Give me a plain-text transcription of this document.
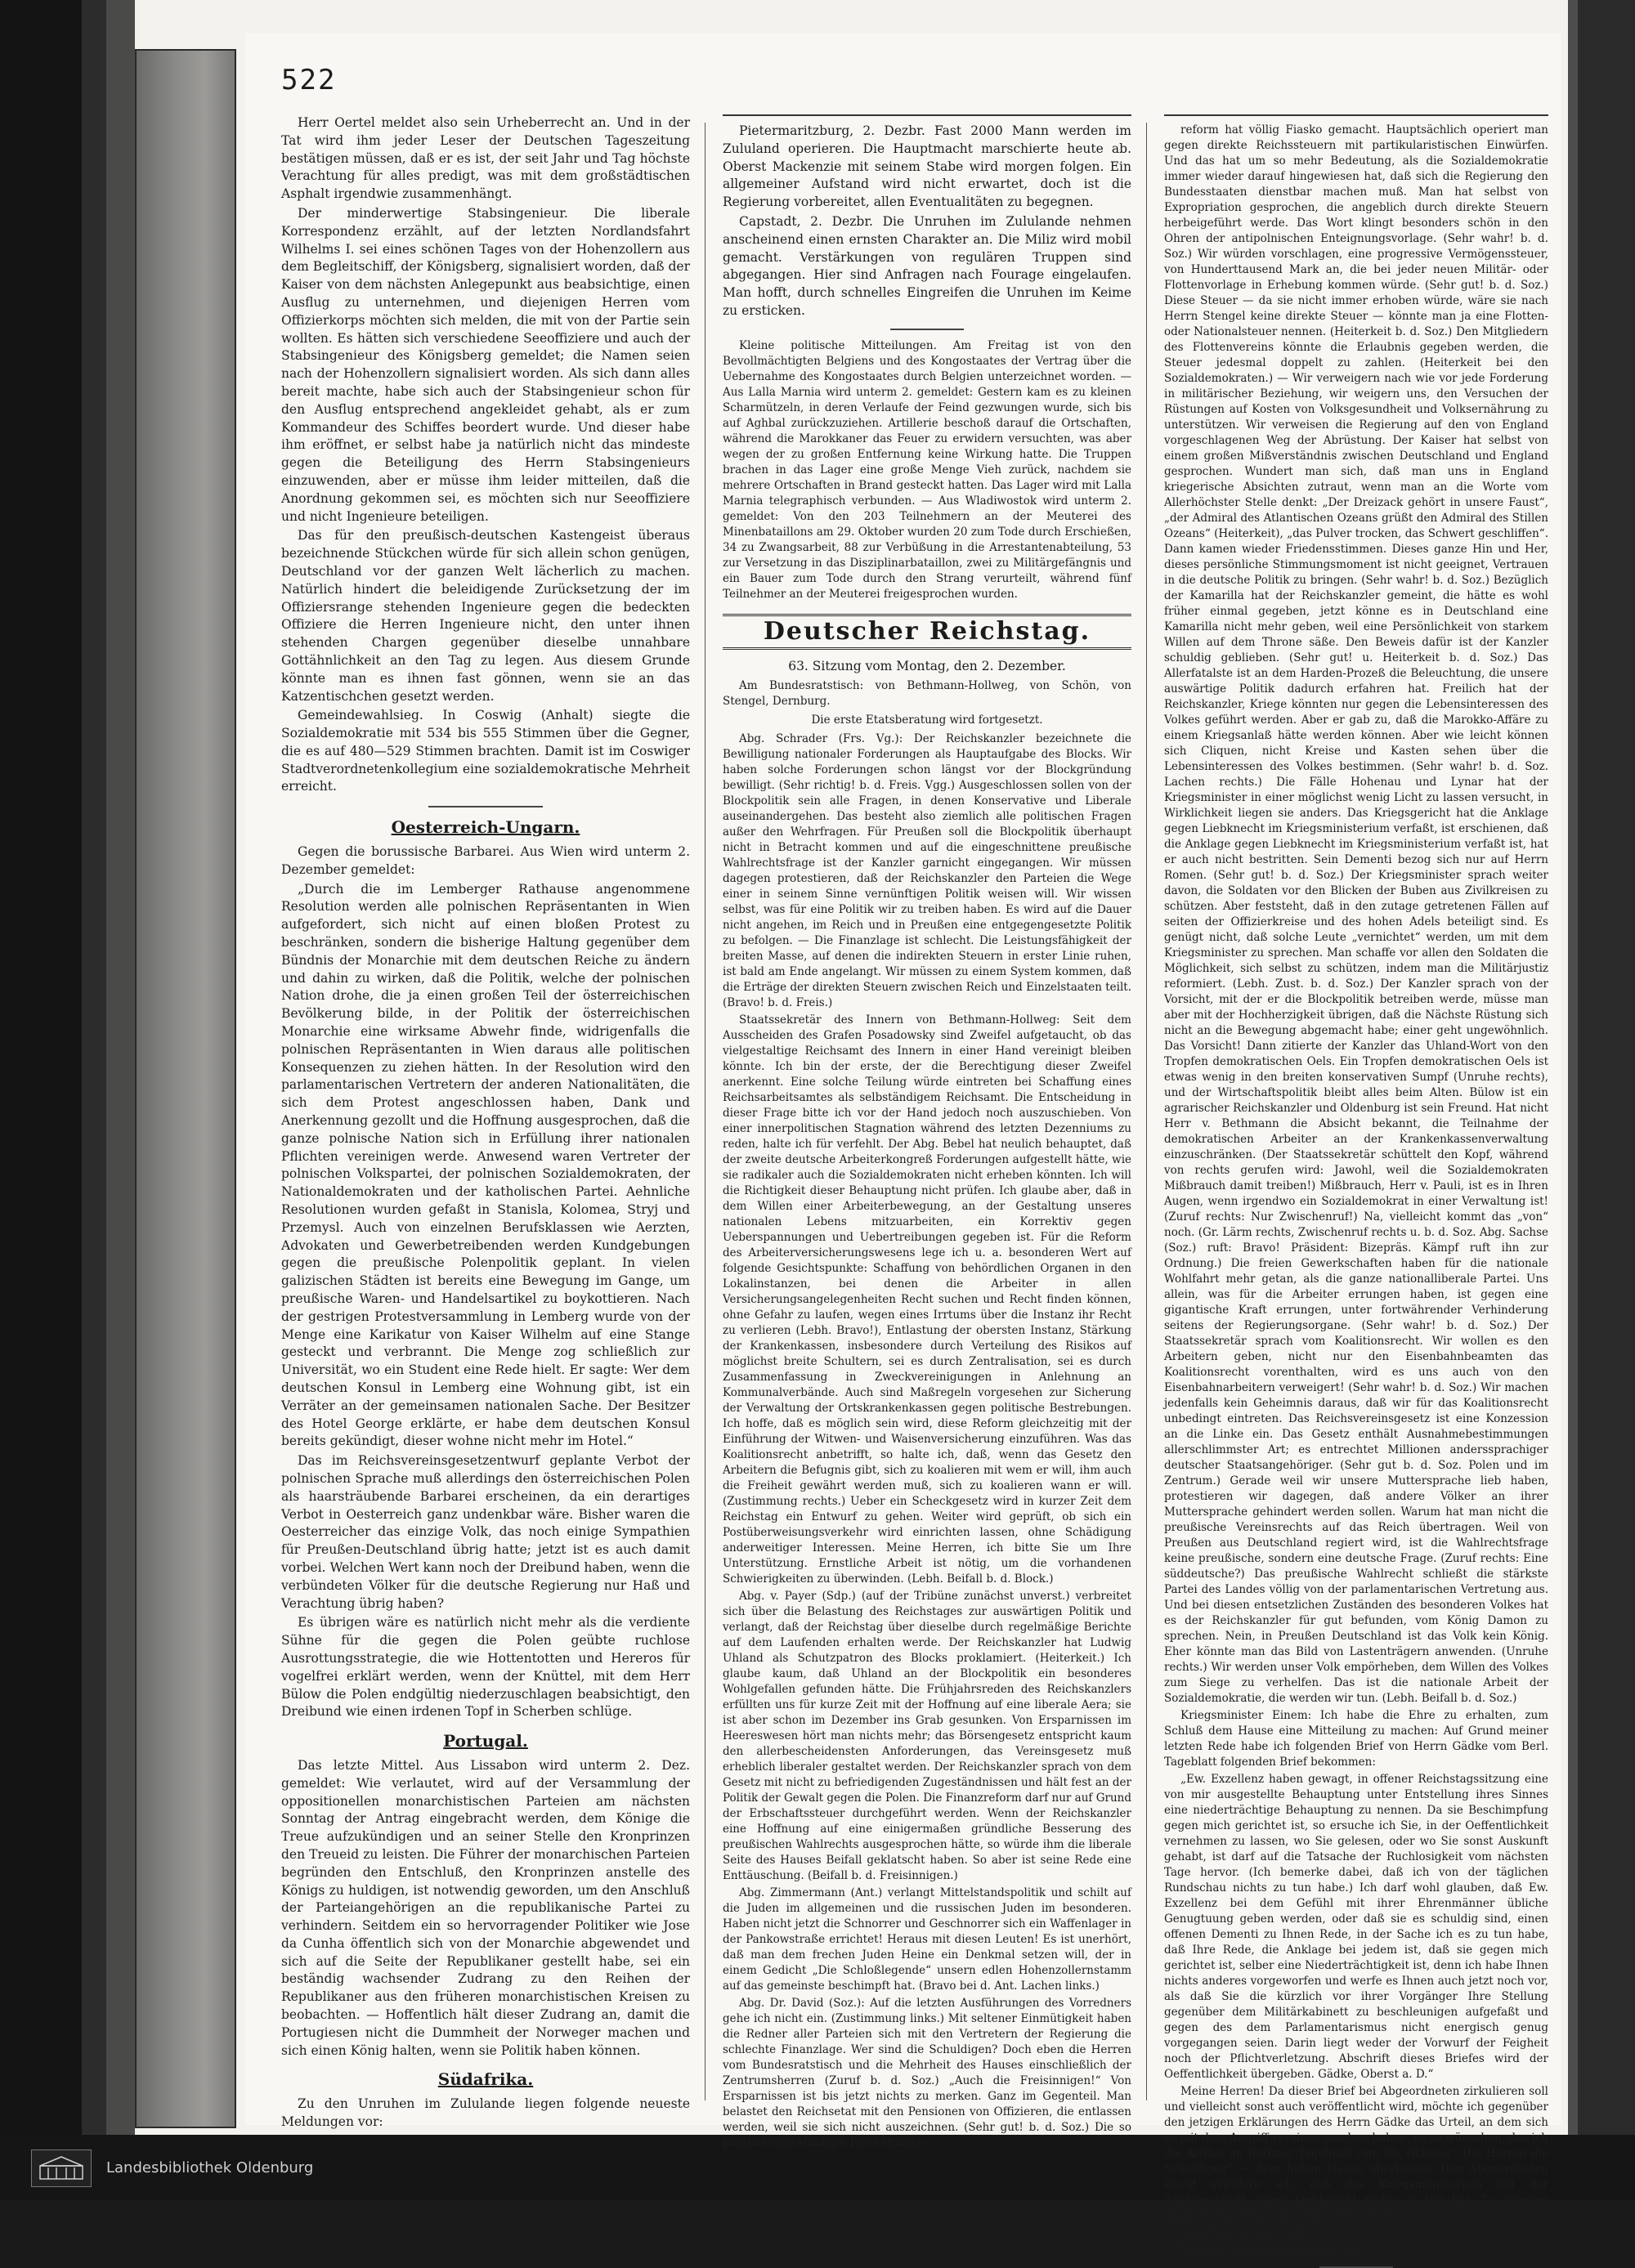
522

Herr Oertel meldet also sein Urheberrecht an. Und in der Tat wird ihm jeder Leser der Deutschen Tageszeitung bestätigen müssen, daß er es ist, der seit Jahr und Tag höchste Verachtung für alles predigt, was mit dem großstädtischen Asphalt irgendwie zusammenhängt.

Der minderwertige Stabsingenieur. Die liberale Korrespondenz erzählt, auf der letzten Nordlandsfahrt Wilhelms I. sei eines schönen Tages von der Hohenzollern aus dem Begleitschiff, der Königsberg, signalisiert worden, daß der Kaiser von dem nächsten Anlegepunkt aus beabsichtige, einen Ausflug zu unternehmen, und diejenigen Herren vom Offizierkorps möchten sich melden, die mit von der Partie sein wollten. Es hätten sich verschiedene Seeoffiziere und auch der Stabsingenieur des Königsberg gemeldet; die Namen seien nach der Hohenzollern signalisiert worden. Als sich dann alles bereit machte, habe sich auch der Stabsingenieur schon für den Ausflug entsprechend angekleidet gehabt, als er zum Kommandeur des Schiffes beordert wurde. Und dieser habe ihm eröffnet, er selbst habe ja natürlich nicht das mindeste gegen die Beteiligung des Herrn Stabsingenieurs einzuwenden, aber er müsse ihm leider mitteilen, daß die Anordnung gekommen sei, es möchten sich nur Seeoffiziere und nicht Ingenieure beteiligen.

Das für den preußisch-deutschen Kastengeist überaus bezeichnende Stückchen würde für sich allein schon genügen, Deutschland vor der ganzen Welt lächerlich zu machen. Natürlich hindert die beleidigende Zurücksetzung der im Offiziersrange stehenden Ingenieure gegen die bedeckten Offiziere die Herren Ingenieure nicht, den unter ihnen stehenden Chargen gegenüber dieselbe unnahbare Gottähnlichkeit an den Tag zu legen. Aus diesem Grunde könnte man es ihnen fast gönnen, wenn sie an das Katzentischchen gesetzt werden.

Gemeindewahlsieg. In Coswig (Anhalt) siegte die Sozialdemokratie mit 534 bis 555 Stimmen über die Gegner, die es auf 480—529 Stimmen brachten. Damit ist im Coswiger Stadtverordnetenkollegium eine sozialdemokratische Mehrheit erreicht.

Oesterreich-Ungarn.

Gegen die borussische Barbarei. Aus Wien wird unterm 2. Dezember gemeldet:

„Durch die im Lemberger Rathause angenommene Resolution werden alle polnischen Repräsentanten in Wien aufgefordert, sich nicht auf einen bloßen Protest zu beschränken, sondern die bisherige Haltung gegenüber dem Bündnis der Monarchie mit dem deutschen Reiche zu ändern und dahin zu wirken, daß die Politik, welche der polnischen Nation drohe, die ja einen großen Teil der österreichischen Bevölkerung bilde, in der Politik der österreichischen Monarchie eine wirksame Abwehr finde, widrigenfalls die polnischen Repräsentanten in Wien daraus alle politischen Konsequenzen zu ziehen hätten. In der Resolution wird den parlamentarischen Vertretern der anderen Nationalitäten, die sich dem Protest angeschlossen haben, Dank und Anerkennung gezollt und die Hoffnung ausgesprochen, daß die ganze polnische Nation sich in Erfüllung ihrer nationalen Pflichten vereinigen werde. Anwesend waren Vertreter der polnischen Volkspartei, der polnischen Sozialdemokraten, der Nationaldemokraten und der katholischen Partei. Aehnliche Resolutionen wurden gefaßt in Stanisla, Kolomea, Stryj und Przemysl. Auch von einzelnen Berufsklassen wie Aerzten, Advokaten und Gewerbetreibenden werden Kundgebungen gegen die preußische Polenpolitik geplant. In vielen galizischen Städten ist bereits eine Bewegung im Gange, um preußische Waren- und Handelsartikel zu boykottieren. Nach der gestrigen Protestversammlung in Lemberg wurde von der Menge eine Karikatur von Kaiser Wilhelm auf eine Stange gesteckt und verbrannt. Die Menge zog schließlich zur Universität, wo ein Student eine Rede hielt. Er sagte: Wer dem deutschen Konsul in Lemberg eine Wohnung gibt, ist ein Verräter an der gemeinsamen nationalen Sache. Der Besitzer des Hotel George erklärte, er habe dem deutschen Konsul bereits gekündigt, dieser wohne nicht mehr im Hotel.“

Das im Reichsvereinsgesetzentwurf geplante Verbot der polnischen Sprache muß allerdings den österreichischen Polen als haarsträubende Barbarei erscheinen, da ein derartiges Verbot in Oesterreich ganz undenkbar wäre. Bisher waren die Oesterreicher das einzige Volk, das noch einige Sympathien für Preußen-Deutschland übrig hatte; jetzt ist es auch damit vorbei. Welchen Wert kann noch der Dreibund haben, wenn die verbündeten Völker für die deutsche Regierung nur Haß und Verachtung übrig haben?

Es übrigen wäre es natürlich nicht mehr als die verdiente Sühne für die gegen die Polen geübte ruchlose Ausrottungsstrategie, die wie Hottentotten und Hereros für vogelfrei erklärt werden, wenn der Knüttel, mit dem Herr Bülow die Polen endgültig niederzuschlagen beabsichtigt, den Dreibund wie einen irdenen Topf in Scherben schlüge.

Portugal.

Das letzte Mittel. Aus Lissabon wird unterm 2. Dez. gemeldet: Wie verlautet, wird auf der Versammlung der oppositionellen monarchistischen Parteien am nächsten Sonntag der Antrag eingebracht werden, dem Könige die Treue aufzukündigen und an seiner Stelle den Kronprinzen den Treueid zu leisten. Die Führer der monarchischen Parteien begründen den Entschluß, den Kronprinzen anstelle des Königs zu huldigen, ist notwendig geworden, um den Anschluß der Parteiangehörigen an die republikanische Partei zu verhindern. Seitdem ein so hervorragender Politiker wie Jose da Cunha öffentlich sich von der Monarchie abgewendet und sich auf die Seite der Republikaner gestellt habe, sei ein beständig wachsender Zudrang zu den Reihen der Republikaner aus den früheren monarchistischen Kreisen zu beobachten. — Hoffentlich hält dieser Zudrang an, damit die Portugiesen nicht die Dummheit der Norweger machen und sich einen König halten, wenn sie Politik haben können.

Südafrika.

Zu den Unruhen im Zululande liegen folgende neueste Meldungen vor:

Pietermaritzburg, 2. Dezbr. Fast 2000 Mann werden im Zululand operieren. Die Hauptmacht marschierte heute ab. Oberst Mackenzie mit seinem Stabe wird morgen folgen. Ein allgemeiner Aufstand wird nicht erwartet, doch ist die Regierung vorbereitet, allen Eventualitäten zu begegnen.

Capstadt, 2. Dezbr. Die Unruhen im Zululande nehmen anscheinend einen ernsten Charakter an. Die Miliz wird mobil gemacht. Verstärkungen von regulären Truppen sind abgegangen. Hier sind Anfragen nach Fourage eingelaufen. Man hofft, durch schnelles Eingreifen die Unruhen im Keime zu ersticken.

Kleine politische Mitteilungen. Am Freitag ist von den Bevollmächtigten Belgiens und des Kongostaates der Vertrag über die Uebernahme des Kongostaates durch Belgien unterzeichnet worden. — Aus Lalla Marnia wird unterm 2. gemeldet: Gestern kam es zu kleinen Scharmützeln, in deren Verlaufe der Feind gezwungen wurde, sich bis auf Aghbal zurückzuziehen. Artillerie beschoß darauf die Ortschaften, während die Marokkaner das Feuer zu erwidern versuchten, was aber wegen der zu großen Entfernung keine Wirkung hatte. Die Truppen brachen in das Lager eine große Menge Vieh zurück, nachdem sie mehrere Ortschaften in Brand gesteckt hatten. Das Lager wird mit Lalla Marnia telegraphisch verbunden. — Aus Wladiwostok wird unterm 2. gemeldet: Von den 203 Teilnehmern an der Meuterei des Minenbataillons am 29. Oktober wurden 20 zum Tode durch Erschießen, 34 zu Zwangsarbeit, 88 zur Verbüßung in die Arrestantenabteilung, 53 zur Versetzung in das Disziplinarbataillon, zwei zu Militärgefängnis und ein Bauer zum Tode durch den Strang verurteilt, während fünf Teilnehmer an der Meuterei freigesprochen wurden.

Deutscher Reichstag.

63. Sitzung vom Montag, den 2. Dezember.

Am Bundesratstisch: von Bethmann-Hollweg, von Schön, von Stengel, Dernburg.

Die erste Etatsberatung wird fortgesetzt.

Abg. Schrader (Frs. Vg.): Der Reichskanzler bezeichnete die Bewilligung nationaler Forderungen als Hauptaufgabe des Blocks. Wir haben solche Forderungen schon längst vor der Blockgründung bewilligt. (Sehr richtig! b. d. Freis. Vgg.) Ausgeschlossen sollen von der Blockpolitik sein alle Fragen, in denen Konservative und Liberale auseinandergehen. Das besteht also ziemlich alle politischen Fragen außer den Wehrfragen. Für Preußen soll die Blockpolitik überhaupt nicht in Betracht kommen und auf die eingeschnittene preußische Wahlrechtsfrage ist der Kanzler garnicht eingegangen. Wir müssen dagegen protestieren, daß der Reichskanzler den Parteien die Wege einer in seinem Sinne vernünftigen Politik weisen will. Wir wissen selbst, was für eine Politik wir zu treiben haben. Es wird auf die Dauer nicht angehen, im Reich und in Preußen eine entgegengesetzte Politik zu befolgen. — Die Finanzlage ist schlecht. Die Leistungsfähigkeit der breiten Masse, auf denen die indirekten Steuern in erster Linie ruhen, ist bald am Ende angelangt. Wir müssen zu einem System kommen, daß die Erträge der direkten Steuern zwischen Reich und Einzelstaaten teilt. (Bravo! b. d. Freis.)

Staatssekretär des Innern von Bethmann-Hollweg: Seit dem Ausscheiden des Grafen Posadowsky sind Zweifel aufgetaucht, ob das vielgestaltige Reichsamt des Innern in einer Hand vereinigt bleiben könnte. Ich bin der erste, der die Berechtigung dieser Zweifel anerkennt. Eine solche Teilung würde eintreten bei Schaffung eines Reichsarbeitsamtes als selbständigem Reichsamt. Die Entscheidung in dieser Frage bitte ich vor der Hand jedoch noch auszuschieben. Von einer innerpolitischen Stagnation während des letzten Dezenniums zu reden, halte ich für verfehlt. Der Abg. Bebel hat neulich behauptet, daß der zweite deutsche Arbeiterkongreß Forderungen aufgestellt hätte, wie sie radikaler auch die Sozialdemokraten nicht erheben könnten. Ich will die Richtigkeit dieser Behauptung nicht prüfen. Ich glaube aber, daß in dem Willen einer Arbeiterbewegung, an der Gestaltung unseres nationalen Lebens mitzuarbeiten, ein Korrektiv gegen Ueberspannungen und Uebertreibungen gegeben ist. Für die Reform des Arbeiterversicherungswesens lege ich u. a. besonderen Wert auf folgende Gesichtspunkte: Schaffung von behördlichen Organen in den Lokalinstanzen, bei denen die Arbeiter in allen Versicherungsangelegenheiten Recht suchen und Recht finden können, ohne Gefahr zu laufen, wegen eines Irrtums über die Instanz ihr Recht zu verlieren (Lebh. Bravo!), Entlastung der obersten Instanz, Stärkung der Krankenkassen, insbesondere durch Verteilung des Risikos auf möglichst breite Schultern, sei es durch Zentralisation, sei es durch Zusammenfassung in Zweckvereinigungen in Anlehnung an Kommunalverbände. Auch sind Maßregeln vorgesehen zur Sicherung der Verwaltung der Ortskrankenkassen gegen politische Bestrebungen. Ich hoffe, daß es möglich sein wird, diese Reform gleichzeitig mit der Einführung der Witwen- und Waisenversicherung einzuführen. Was das Koalitionsrecht anbetrifft, so halte ich, daß, wenn das Gesetz den Arbeitern die Befugnis gibt, sich zu koalieren mit wem er will, ihm auch die Freiheit gewährt werden muß, sich zu koalieren wann er will. (Zustimmung rechts.) Ueber ein Scheckgesetz wird in kurzer Zeit dem Reichstag ein Entwurf zu gehen. Weiter wird geprüft, ob sich ein Postüberweisungsverkehr wird einrichten lassen, ohne Schädigung anderweitiger Interessen. Meine Herren, ich bitte Sie um Ihre Unterstützung. Ernstliche Arbeit ist nötig, um die vorhandenen Schwierigkeiten zu überwinden. (Lebh. Beifall b. d. Block.)

Abg. v. Payer (Sdp.) (auf der Tribüne zunächst unverst.) verbreitet sich über die Belastung des Reichstages zur auswärtigen Politik und verlangt, daß der Reichstag über dieselbe durch regelmäßige Berichte auf dem Laufenden erhalten werde. Der Reichskanzler hat Ludwig Uhland als Schutzpatron des Blocks proklamiert. (Heiterkeit.) Ich glaube kaum, daß Uhland an der Blockpolitik ein besonderes Wohlgefallen gefunden hätte. Die Frühjahrsreden des Reichskanzlers erfüllten uns für kurze Zeit mit der Hoffnung auf eine liberale Aera; sie ist aber schon im Dezember ins Grab gesunken. Von Ersparnissen im Heereswesen hört man nichts mehr; das Börsengesetz entspricht kaum den allerbescheidensten Anforderungen, das Vereinsgesetz muß erheblich liberaler gestaltet werden. Der Reichskanzler sprach von dem Gesetz mit nicht zu befriedigenden Zugeständnissen und hält fest an der Politik der Gewalt gegen die Polen. Die Finanzreform darf nur auf Grund der Erbschaftssteuer durchgeführt werden. Wenn der Reichskanzler eine Hoffnung auf eine einigermaßen gründliche Besserung des preußischen Wahlrechts ausgesprochen hätte, so würde ihm die liberale Seite des Hauses Beifall geklatscht haben. So aber ist seine Rede eine Enttäuschung. (Beifall b. d. Freisinnigen.)

Abg. Zimmermann (Ant.) verlangt Mittelstandspolitik und schilt auf die Juden im allgemeinen und die russischen Juden im besonderen. Haben nicht jetzt die Schnorrer und Geschnorrer sich ein Waffenlager in der Pankowstraße errichtet! Heraus mit diesen Leuten! Es ist unerhört, daß man dem frechen Juden Heine ein Denkmal setzen will, der in einem Gedicht „Die Schloßlegende“ unsern edlen Hohenzollernstamm auf das gemeinste beschimpft hat. (Bravo bei d. Ant. Lachen links.)

Abg. Dr. David (Soz.): Auf die letzten Ausführungen des Vorredners gehe ich nicht ein. (Zustimmung links.) Mit seltener Einmütigkeit haben die Redner aller Parteien sich mit den Vertretern der Regierung die schlechte Finanzlage. Wer sind die Schuldigen? Doch eben die Herren vom Bundesratstisch und die Mehrheit des Hauses einschließlich der Zentrumsherren (Zuruf b. d. Soz.) „Auch die Freisinnigen!“ Von Ersparnissen ist bis jetzt nichts zu merken. Ganz im Gegenteil. Man belastet den Reichsetat mit den Pensionen von Offizieren, die entlassen werden, weil sie sich nicht auszeichnen. (Sehr gut! b. d. Soz.) Die so pompös angekündigte Reichsfinanz-

reform hat völlig Fiasko gemacht. Hauptsächlich operiert man gegen direkte Reichssteuern mit partikularistischen Einwürfen. Und das hat um so mehr Bedeutung, als die Sozialdemokratie immer wieder darauf hingewiesen hat, daß sich die Regierung den Bundesstaaten dienstbar machen muß. Man hat selbst von Expropriation gesprochen, die angeblich durch direkte Steuern herbeigeführt werde. Das Wort klingt besonders schön in den Ohren der antipolnischen Enteignungsvorlage. (Sehr wahr! b. d. Soz.) Wir würden vorschlagen, eine progressive Vermögenssteuer, von Hunderttausend Mark an, die bei jeder neuen Militär- oder Flottenvorlage in Erhebung kommen würde. (Sehr gut! b. d. Soz.) Diese Steuer — da sie nicht immer erhoben würde, wäre sie nach Herrn Stengel keine direkte Steuer — könnte man ja eine Flotten- oder Nationalsteuer nennen. (Heiterkeit b. d. Soz.) Den Mitgliedern des Flottenvereins könnte die Erlaubnis gegeben werden, die Steuer jedesmal doppelt zu zahlen. (Heiterkeit bei den Sozialdemokraten.) — Wir verweigern nach wie vor jede Forderung in militärischer Beziehung, wir weigern uns, den Versuchen der Rüstungen auf Kosten von Volksgesundheit und Volksernährung zu unterstützen. Wir verweisen die Regierung auf den von England vorgeschlagenen Weg der Abrüstung. Der Kaiser hat selbst von einem großen Mißverständnis zwischen Deutschland und England gesprochen. Wundert man sich, daß man uns in England kriegerische Absichten zutraut, wenn man an die Worte vom Allerhöchster Stelle denkt: „Der Dreizack gehört in unsere Faust“, „der Admiral des Atlantischen Ozeans grüßt den Admiral des Stillen Ozeans“ (Heiterkeit), „das Pulver trocken, das Schwert geschliffen“. Dann kamen wieder Friedensstimmen. Dieses ganze Hin und Her, dieses persönliche Stimmungsmoment ist nicht geeignet, Vertrauen in die deutsche Politik zu bringen. (Sehr wahr! b. d. Soz.) Bezüglich der Kamarilla hat der Reichskanzler gemeint, die hätte es wohl früher einmal gegeben, jetzt könne es in Deutschland eine Kamarilla nicht mehr geben, weil eine Persönlichkeit von starkem Willen auf dem Throne säße. Den Beweis dafür ist der Kanzler schuldig geblieben. (Sehr gut! u. Heiterkeit b. d. Soz.) Das Allerfatalste ist an dem Harden-Prozeß die Beleuchtung, die unsere auswärtige Politik dadurch erfahren hat. Freilich hat der Reichskanzler, Kriege könnten nur gegen die Lebensinteressen des Volkes geführt werden. Aber er gab zu, daß die Marokko-Affäre zu einem Kriegsanlaß hätte werden können. Aber wie leicht können sich Cliquen, nicht Kreise und Kasten sehen über die Lebensinteressen des Volkes bestimmen. (Sehr wahr! b. d. Soz. Lachen rechts.) Die Fälle Hohenau und Lynar hat der Kriegsminister in einer möglichst wenig Licht zu lassen versucht, in Wirklichkeit liegen sie anders. Das Kriegsgericht hat die Anklage gegen Liebknecht im Kriegsministerium verfaßt, ist erschienen, daß die Anklage gegen Liebknecht im Kriegsministerium verfaßt ist, hat er auch nicht bestritten. Sein Dementi bezog sich nur auf Herrn Romen. (Sehr gut! b. d. Soz.) Der Kriegsminister sprach weiter davon, die Soldaten vor den Blicken der Buben aus Zivilkreisen zu schützen. Aber feststeht, daß in den zutage getretenen Fällen auf seiten der Offizierkreise und des hohen Adels beteiligt sind. Es genügt nicht, daß solche Leute „vernichtet“ werden, um mit dem Kriegsminister zu sprechen. Man schaffe vor allen den Soldaten die Möglichkeit, sich selbst zu schützen, indem man die Militärjustiz reformiert. (Lebh. Zust. b. d. Soz.) Der Kanzler sprach von der Vorsicht, mit der er die Blockpolitik betreiben werde, müsse man aber mit der Hochherzigkeit übrigen, daß die Nächste Rüstung sich nicht an die Bewegung abgemacht habe; einer geht ungewöhnlich. Das Vorsicht! Dann zitierte der Kanzler das Uhland-Wort von den Tropfen demokratischen Oels. Ein Tropfen demokratischen Oels ist etwas wenig in den breiten konservativen Sumpf (Unruhe rechts), und der Wirtschaftspolitik bleibt alles beim Alten. Bülow ist ein agrarischer Reichskanzler und Oldenburg ist sein Freund. Hat nicht Herr v. Bethmann die Absicht bekannt, die Teilnahme der demokratischen Arbeiter an der Krankenkassenverwaltung einzuschränken. (Der Staatssekretär schüttelt den Kopf, während von rechts gerufen wird: Jawohl, weil die Sozialdemokraten Mißbrauch damit treiben!) Mißbrauch, Herr v. Pauli, ist es in Ihren Augen, wenn irgendwo ein Sozialdemokrat in einer Verwaltung ist! (Zuruf rechts: Nur Zwischenruf!) Na, vielleicht kommt das „von“ noch. (Gr. Lärm rechts, Zwischenruf rechts u. b. d. Soz. Abg. Sachse (Soz.) ruft: Bravo! Präsident: Bizepräs. Kämpf ruft ihn zur Ordnung.) Die freien Gewerkschaften haben für die nationale Wohlfahrt mehr getan, als die ganze nationalliberale Partei. Uns allein, was für die Arbeiter errungen haben, ist gegen eine gigantische Kraft errungen, unter fortwährender Verhinderung seitens der Regierungsorgane. (Sehr wahr! b. d. Soz.) Der Staatssekretär sprach vom Koalitionsrecht. Wir wollen es den Arbeitern geben, nicht nur den Eisenbahnbeamten das Koalitionsrecht vorenthalten, wird es uns auch von den Eisenbahnarbeitern verweigert! (Sehr wahr! b. d. Soz.) Wir machen jedenfalls kein Geheimnis daraus, daß wir für das Koalitionsrecht unbedingt eintreten. Das Reichsvereinsgesetz ist eine Konzession an die Linke ein. Das Gesetz enthält Ausnahmebestimmungen allerschlimmster Art; es entrechtet Millionen anderssprachiger deutscher Staatsangehöriger. (Sehr gut b. d. Soz. Polen und im Zentrum.) Gerade weil wir unsere Muttersprache lieb haben, protestieren wir dagegen, daß andere Völker an ihrer Muttersprache gehindert werden sollen. Warum hat man nicht die preußische Vereinsrechts auf das Reich übertragen. Weil von Preußen aus Deutschland regiert wird, ist die Wahlrechtsfrage keine preußische, sondern eine deutsche Frage. (Zuruf rechts: Eine süddeutsche?) Das preußische Wahlrecht schließt die stärkste Partei des Landes völlig von der parlamentarischen Vertretung aus. Und bei diesen entsetzlichen Zuständen des besonderen Volkes hat es der Reichskanzler für gut befunden, vom König Damon zu sprechen. Nein, in Preußen Deutschland ist das Volk kein König. Eher könnte man das Bild von Lastenträgern anwenden. (Unruhe rechts.) Wir werden unser Volk empörheben, dem Willen des Volkes zum Siege zu verhelfen. Das ist die nationale Arbeit der Sozialdemokratie, die werden wir tun. (Lebh. Beifall b. d. Soz.)

Kriegsminister Einem: Ich habe die Ehre zu erhalten, zum Schluß dem Hause eine Mitteilung zu machen: Auf Grund meiner letzten Rede habe ich folgenden Brief von Herrn Gädke vom Berl. Tageblatt folgenden Brief bekommen:

„Ew. Exzellenz haben gewagt, in offener Reichstagssitzung eine von mir ausgestellte Behauptung unter Entstellung ihres Sinnes eine niederträchtige Behauptung zu nennen. Da sie Beschimpfung gegen mich gerichtet ist, so ersuche ich Sie, in der Oeffentlichkeit vernehmen zu lassen, wo Sie gelesen, oder wo Sie sonst Auskunft gehabt, ist darf auf die Tatsache der Ruchlosigkeit vom nächsten Tage hervor. (Ich bemerke dabei, daß ich von der täglichen Rundschau nichts zu tun habe.) Ich darf wohl glauben, daß Ew. Exzellenz bei dem Gefühl mit ihrer Ehrenmänner übliche Genugtuung geben werden, oder daß sie es schuldig sind, einen offenen Dementi zu Ihnen Rede, in der Sache ich es zu tun habe, daß Ihre Rede, die Anklage bei jedem ist, daß sie gegen mich gerichtet ist, selber eine Niederträchtigkeit ist, denn ich habe Ihnen nichts anderes vorgeworfen und werfe es Ihnen auch jetzt noch vor, als daß Sie die kürzlich vor ihrer Vorgänger Ihre Stellung gegenüber dem Militärkabinett zu beschleunigen aufgefaßt und gegen des dem Parlamentarismus nicht energisch genug vorgegangen seien. Darin liegt weder der Vorwurf der Feigheit noch der Pflichtverletzung. Abschrift dieses Briefes wird der Oeffentlichkeit übergeben. Gädke, Oberst a. D.“

Meine Herren! Da dieser Brief bei Abgeordneten zirkulieren soll und vielleicht sonst auch veröffentlicht wird, möchte ich gegenüber den jetzigen Erklärungen des Herrn Gädke das Urteil, an dem sich es mit dem Angriff vereinen machen haben, es so wünschen, das ich die Artikel im Berliner Tageblatt vom 30. Oktober „Die Herren die Schuldigen“ — dem hohen Hause überlassen. Den Abgeordneten David erwidere ich, daß das Kriegsministerium mit der Anklageschrift gegen Liebknecht nichts zu tun hat. Zu näheren Angaben bin ich an anderem Orte bereit.

Das Haus vertagt sich.

Nächste Sitzung Dienstag 1 Uhr.

Landesbibliothek Oldenburg
